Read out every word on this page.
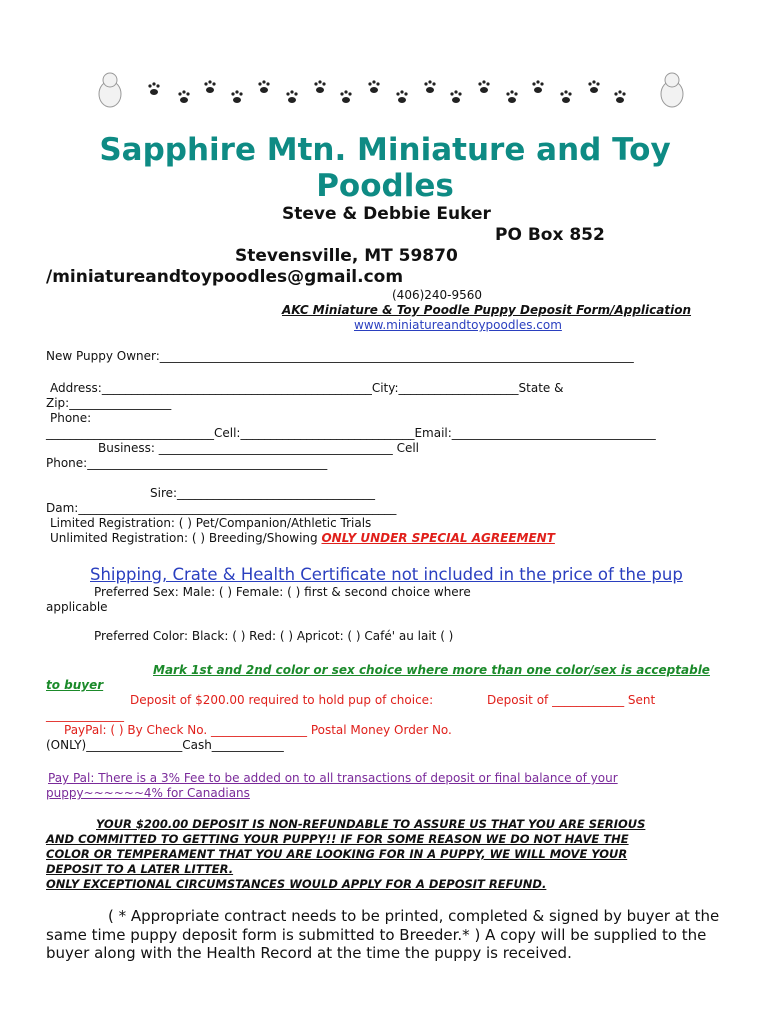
Sapphire Mtn. Miniature and Toy
Poodles
Steve & Debbie Euker
PO Box 852
Stevensville, MT 59870
/miniatureandtoypoodles@gmail.com
(406)240-9560
AKC Miniature & Toy Poodle Puppy Deposit Form/Application
www.miniatureandtoypoodles.com
New Puppy Owner:_______________________________________________________________________________
Address:_____________________________________________City:____________________State &
Zip:_________________
Phone:
____________________________Cell:_____________________________Email:__________________________________
Business: _______________________________________ Cell
Phone:________________________________________
Sire:_________________________________
Dam:_____________________________________________________
Limited Registration: ( ) Pet/Companion/Athletic Trials
Unlimited Registration: ( ) Breeding/Showing ONLY UNDER SPECIAL AGREEMENT
Shipping, Crate & Health Certificate not included in the price of the pup
Preferred Sex: Male: ( ) Female: ( ) first & second choice where
applicable
Preferred Color: Black: ( ) Red: ( ) Apricot: ( ) Café' au lait ( )
Mark 1st and 2nd color or sex choice where more than one color/sex is acceptable
to buyer
Deposit of $200.00 required to hold pup of choice:	Deposit of ____________ Sent
_____________
PayPal: ( ) By Check No. ________________ Postal Money Order No.
(ONLY)________________Cash____________
Pay Pal: There is a 3% Fee to be added on to all transactions of deposit or final balance of your
puppy~~~~~~4% for Canadians
YOUR $200.00 DEPOSIT IS NON-REFUNDABLE TO ASSURE US THAT YOU ARE SERIOUS
AND COMMITTED TO GETTING YOUR PUPPY!! IF FOR SOME REASON WE DO NOT HAVE THE
COLOR OR TEMPERAMENT THAT YOU ARE LOOKING FOR IN A PUPPY, WE WILL MOVE YOUR
DEPOSIT TO A LATER LITTER.
ONLY EXCEPTIONAL CIRCUMSTANCES WOULD APPLY FOR A DEPOSIT REFUND.
( * Appropriate contract needs to be printed, completed & signed by buyer at the
same time puppy deposit form is submitted to Breeder.* ) A copy will be supplied to the
buyer along with the Health Record at the time the puppy is received.
